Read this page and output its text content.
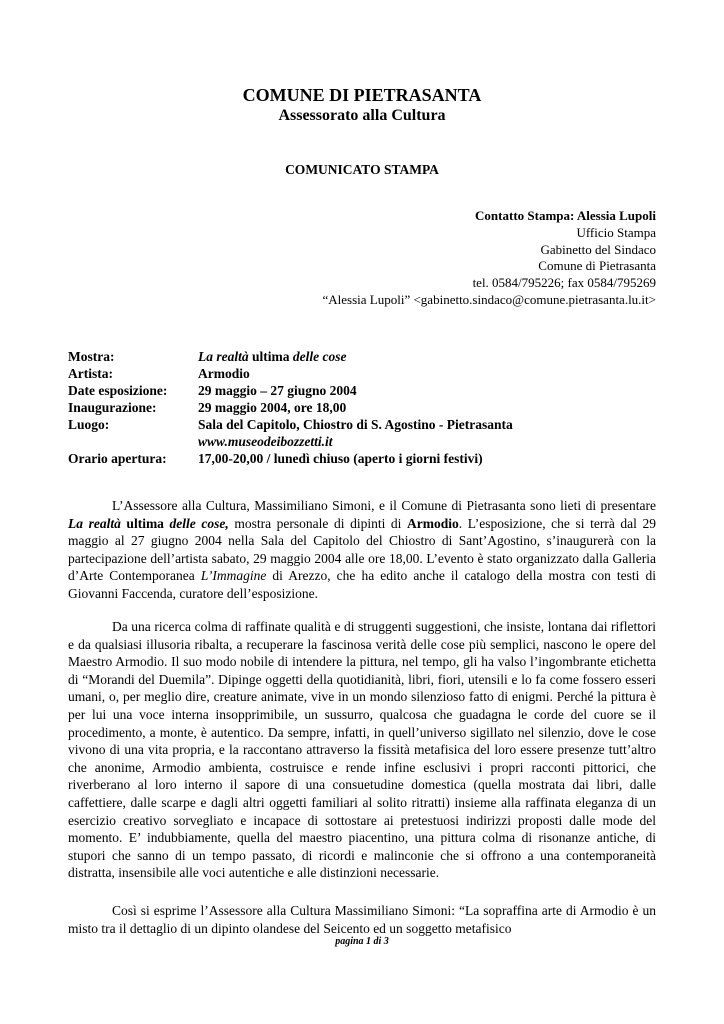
COMUNE DI PIETRASANTA
Assessorato alla Cultura
COMUNICATO STAMPA
Contatto Stampa: Alessia Lupoli
Ufficio Stampa
Gabinetto del Sindaco
Comune di Pietrasanta
tel. 0584/795226; fax 0584/795269
“Alessia Lupoli” <gabinetto.sindaco@comune.pietrasanta.lu.it>
Mostra:	La realtà ultima delle cose
Artista:	Armodio
Date esposizione:	29 maggio – 27 giugno 2004
Inaugurazione:	29 maggio 2004, ore 18,00
Luogo:	Sala del Capitolo, Chiostro di S. Agostino - Pietrasanta
www.museodeibozzetti.it
Orario apertura:	17,00-20,00 / lunedì chiuso (aperto i giorni festivi)
L’Assessore alla Cultura, Massimiliano Simoni, e il Comune di Pietrasanta sono lieti di presentare La realtà ultima delle cose, mostra personale di dipinti di Armodio. L’esposizione, che si terrà dal 29 maggio al 27 giugno 2004 nella Sala del Capitolo del Chiostro di Sant’Agostino, s’inaugurerà con la partecipazione dell’artista sabato, 29 maggio 2004 alle ore 18,00. L’evento è stato organizzato dalla Galleria d’Arte Contemporanea L’Immagine di Arezzo, che ha edito anche il catalogo della mostra con testi di Giovanni Faccenda, curatore dell’esposizione.
Da una ricerca colma di raffinate qualità e di struggenti suggestioni, che insiste, lontana dai riflettori e da qualsiasi illusoria ribalta, a recuperare la fascinosa verità delle cose più semplici, nascono le opere del Maestro Armodio. Il suo modo nobile di intendere la pittura, nel tempo, gli ha valso l’ingombrante etichetta di “Morandi del Duemila”. Dipinge oggetti della quotidianità, libri, fiori, utensili e lo fa come fossero esseri umani, o, per meglio dire, creature animate, vive in un mondo silenzioso fatto di enigmi. Perché la pittura è per lui una voce interna insopprimibile, un sussurro, qualcosa che guadagna le corde del cuore se il procedimento, a monte, è autentico. Da sempre, infatti, in quell’universo sigillato nel silenzio, dove le cose vivono di una vita propria, e la raccontano attraverso la fissità metafisica del loro essere presenze tutt’altro che anonime, Armodio ambienta, costruisce e rende infine esclusivi i propri racconti pittorici, che riverberano al loro interno il sapore di una consuetudine domestica (quella mostrata dai libri, dalle caffettiere, dalle scarpe e dagli altri oggetti familiari al solito ritratti) insieme alla raffinata eleganza di un esercizio creativo sorvegliato e incapace di sottostare ai pretestuosi indirizzi proposti dalle mode del momento. E’ indubbiamente, quella del maestro piacentino, una pittura colma di risonanze antiche, di stupori che sanno di un tempo passato, di ricordi e malinconie che si offrono a una contemporaneità distratta, insensibile alle voci autentiche e alle distinzioni necessarie.
Così si esprime l’Assessore alla Cultura Massimiliano Simoni: “La sopraffina arte di Armodio è un misto tra il dettaglio di un dipinto olandese del Seicento ed un soggetto metafisico
pagina 1 di 3
